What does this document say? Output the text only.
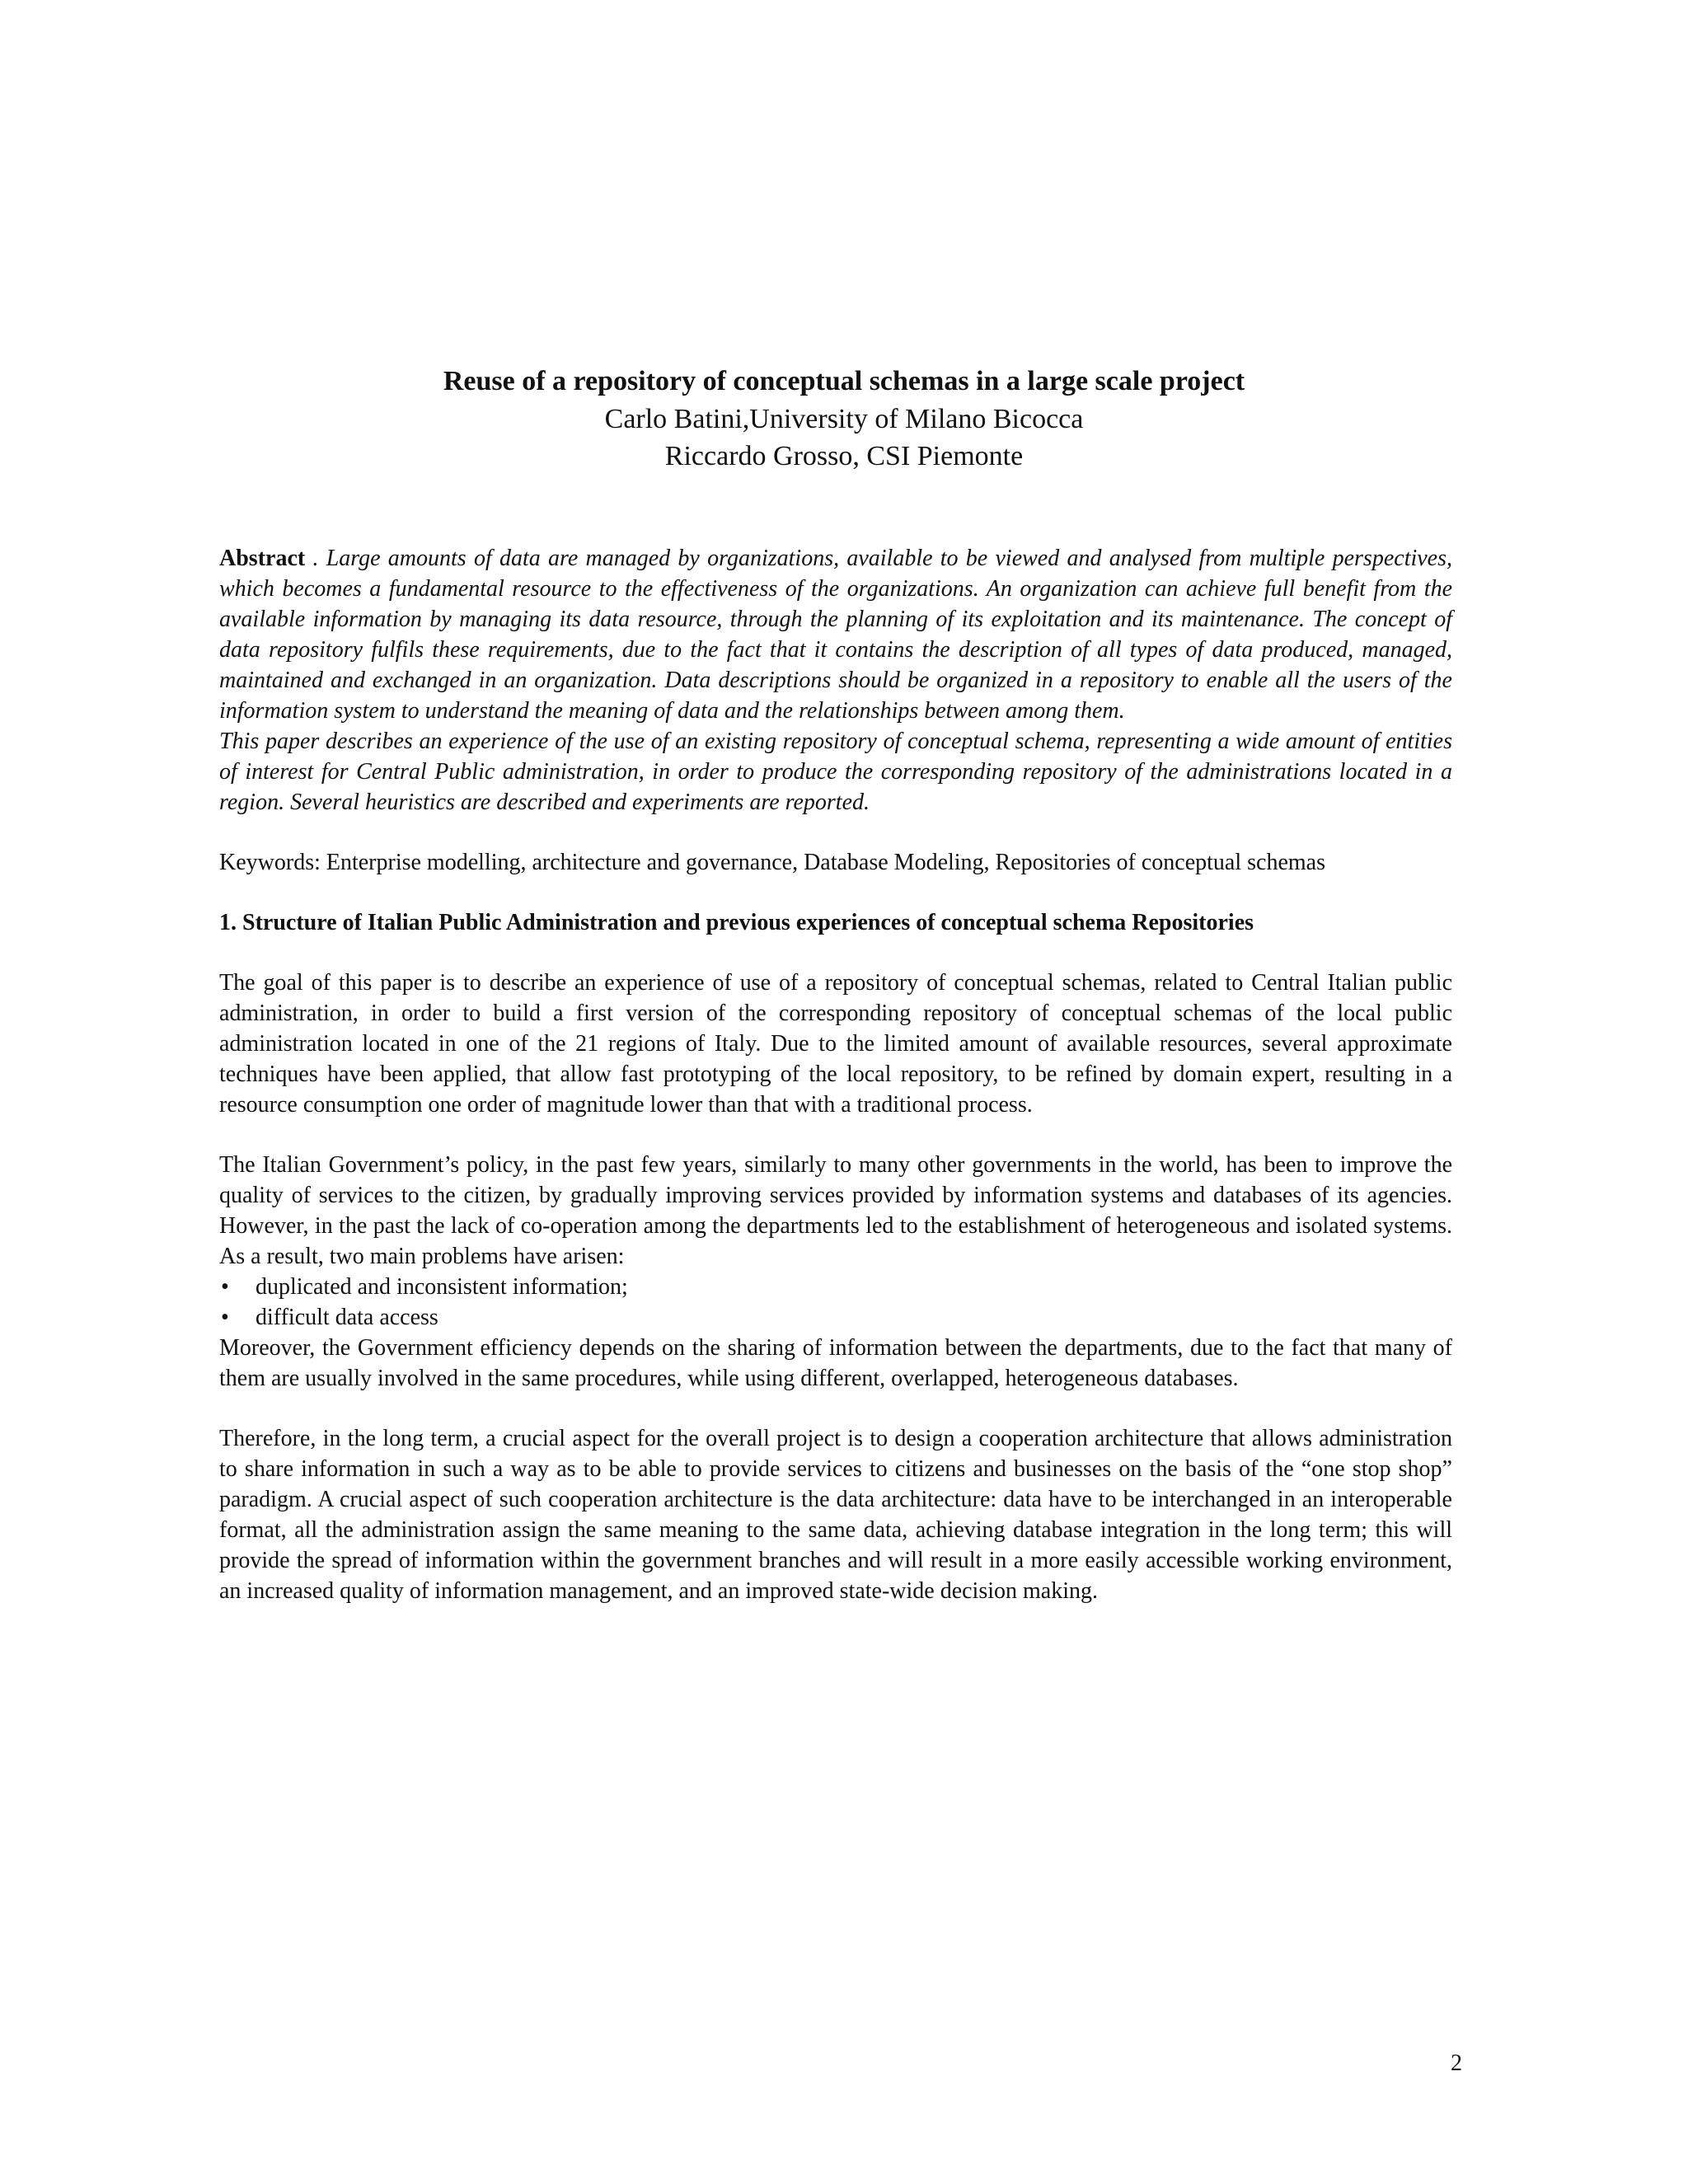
Reuse of a repository of conceptual schemas in a large scale project

Carlo Batini,University of Milano Bicocca

Riccardo Grosso, CSI Piemonte

Abstract . Large amounts of data are managed by organizations, available to be viewed and analysed from multiple perspectives, which becomes a fundamental resource to the effectiveness of the organizations. An organization can achieve full benefit from the available information by managing its data resource, through the planning of its exploitation and its maintenance. The concept of data repository fulfils these requirements, due to the fact that it contains the description of all types of data produced, managed, maintained and exchanged in an organization. Data descriptions should be organized in a repository to enable all the users of the information system to understand the meaning of data and the relationships between among them.

This paper describes an experience of the use of an existing repository of conceptual schema, representing a wide amount of entities of interest for Central Public administration, in order to produce the corresponding repository of the administrations located in a region. Several heuristics are described and experiments are reported.

Keywords: Enterprise modelling, architecture and governance, Database Modeling, Repositories of conceptual schemas

1. Structure of Italian Public Administration and previous experiences of conceptual schema Repositories

The goal of this paper is to describe an experience of use of a repository of conceptual schemas, related to Central Italian public administration, in order to build a first version of the corresponding repository of conceptual schemas of the local public administration located in one of the 21 regions of Italy. Due to the limited amount of available resources, several approximate techniques have been applied, that allow fast prototyping of the local repository, to be refined by domain expert, resulting in a resource consumption one order of magnitude lower than that with a traditional process.

The Italian Government’s policy, in the past few years, similarly to many other governments in the world, has been to improve the quality of services to the citizen, by gradually improving services provided by information systems and databases of its agencies. However, in the past the lack of co-operation among the departments led to the establishment of heterogeneous and isolated systems. As a result, two main problems have arisen:

• duplicated and inconsistent information;
• difficult data access

Moreover, the Government efficiency depends on the sharing of information between the departments, due to the fact that many of them are usually involved in the same procedures, while using different, overlapped, heterogeneous databases.

Therefore, in the long term, a crucial aspect for the overall project is to design a cooperation architecture that allows administration to share information in such a way as to be able to provide services to citizens and businesses on the basis of the “one stop shop” paradigm. A crucial aspect of such cooperation architecture is the data architecture: data have to be interchanged in an interoperable format, all the administration assign the same meaning to the same data, achieving database integration in the long term; this will provide the spread of information within the government branches and will result in a more easily accessible working environment, an increased quality of information management, and an improved state-wide decision making.

2
